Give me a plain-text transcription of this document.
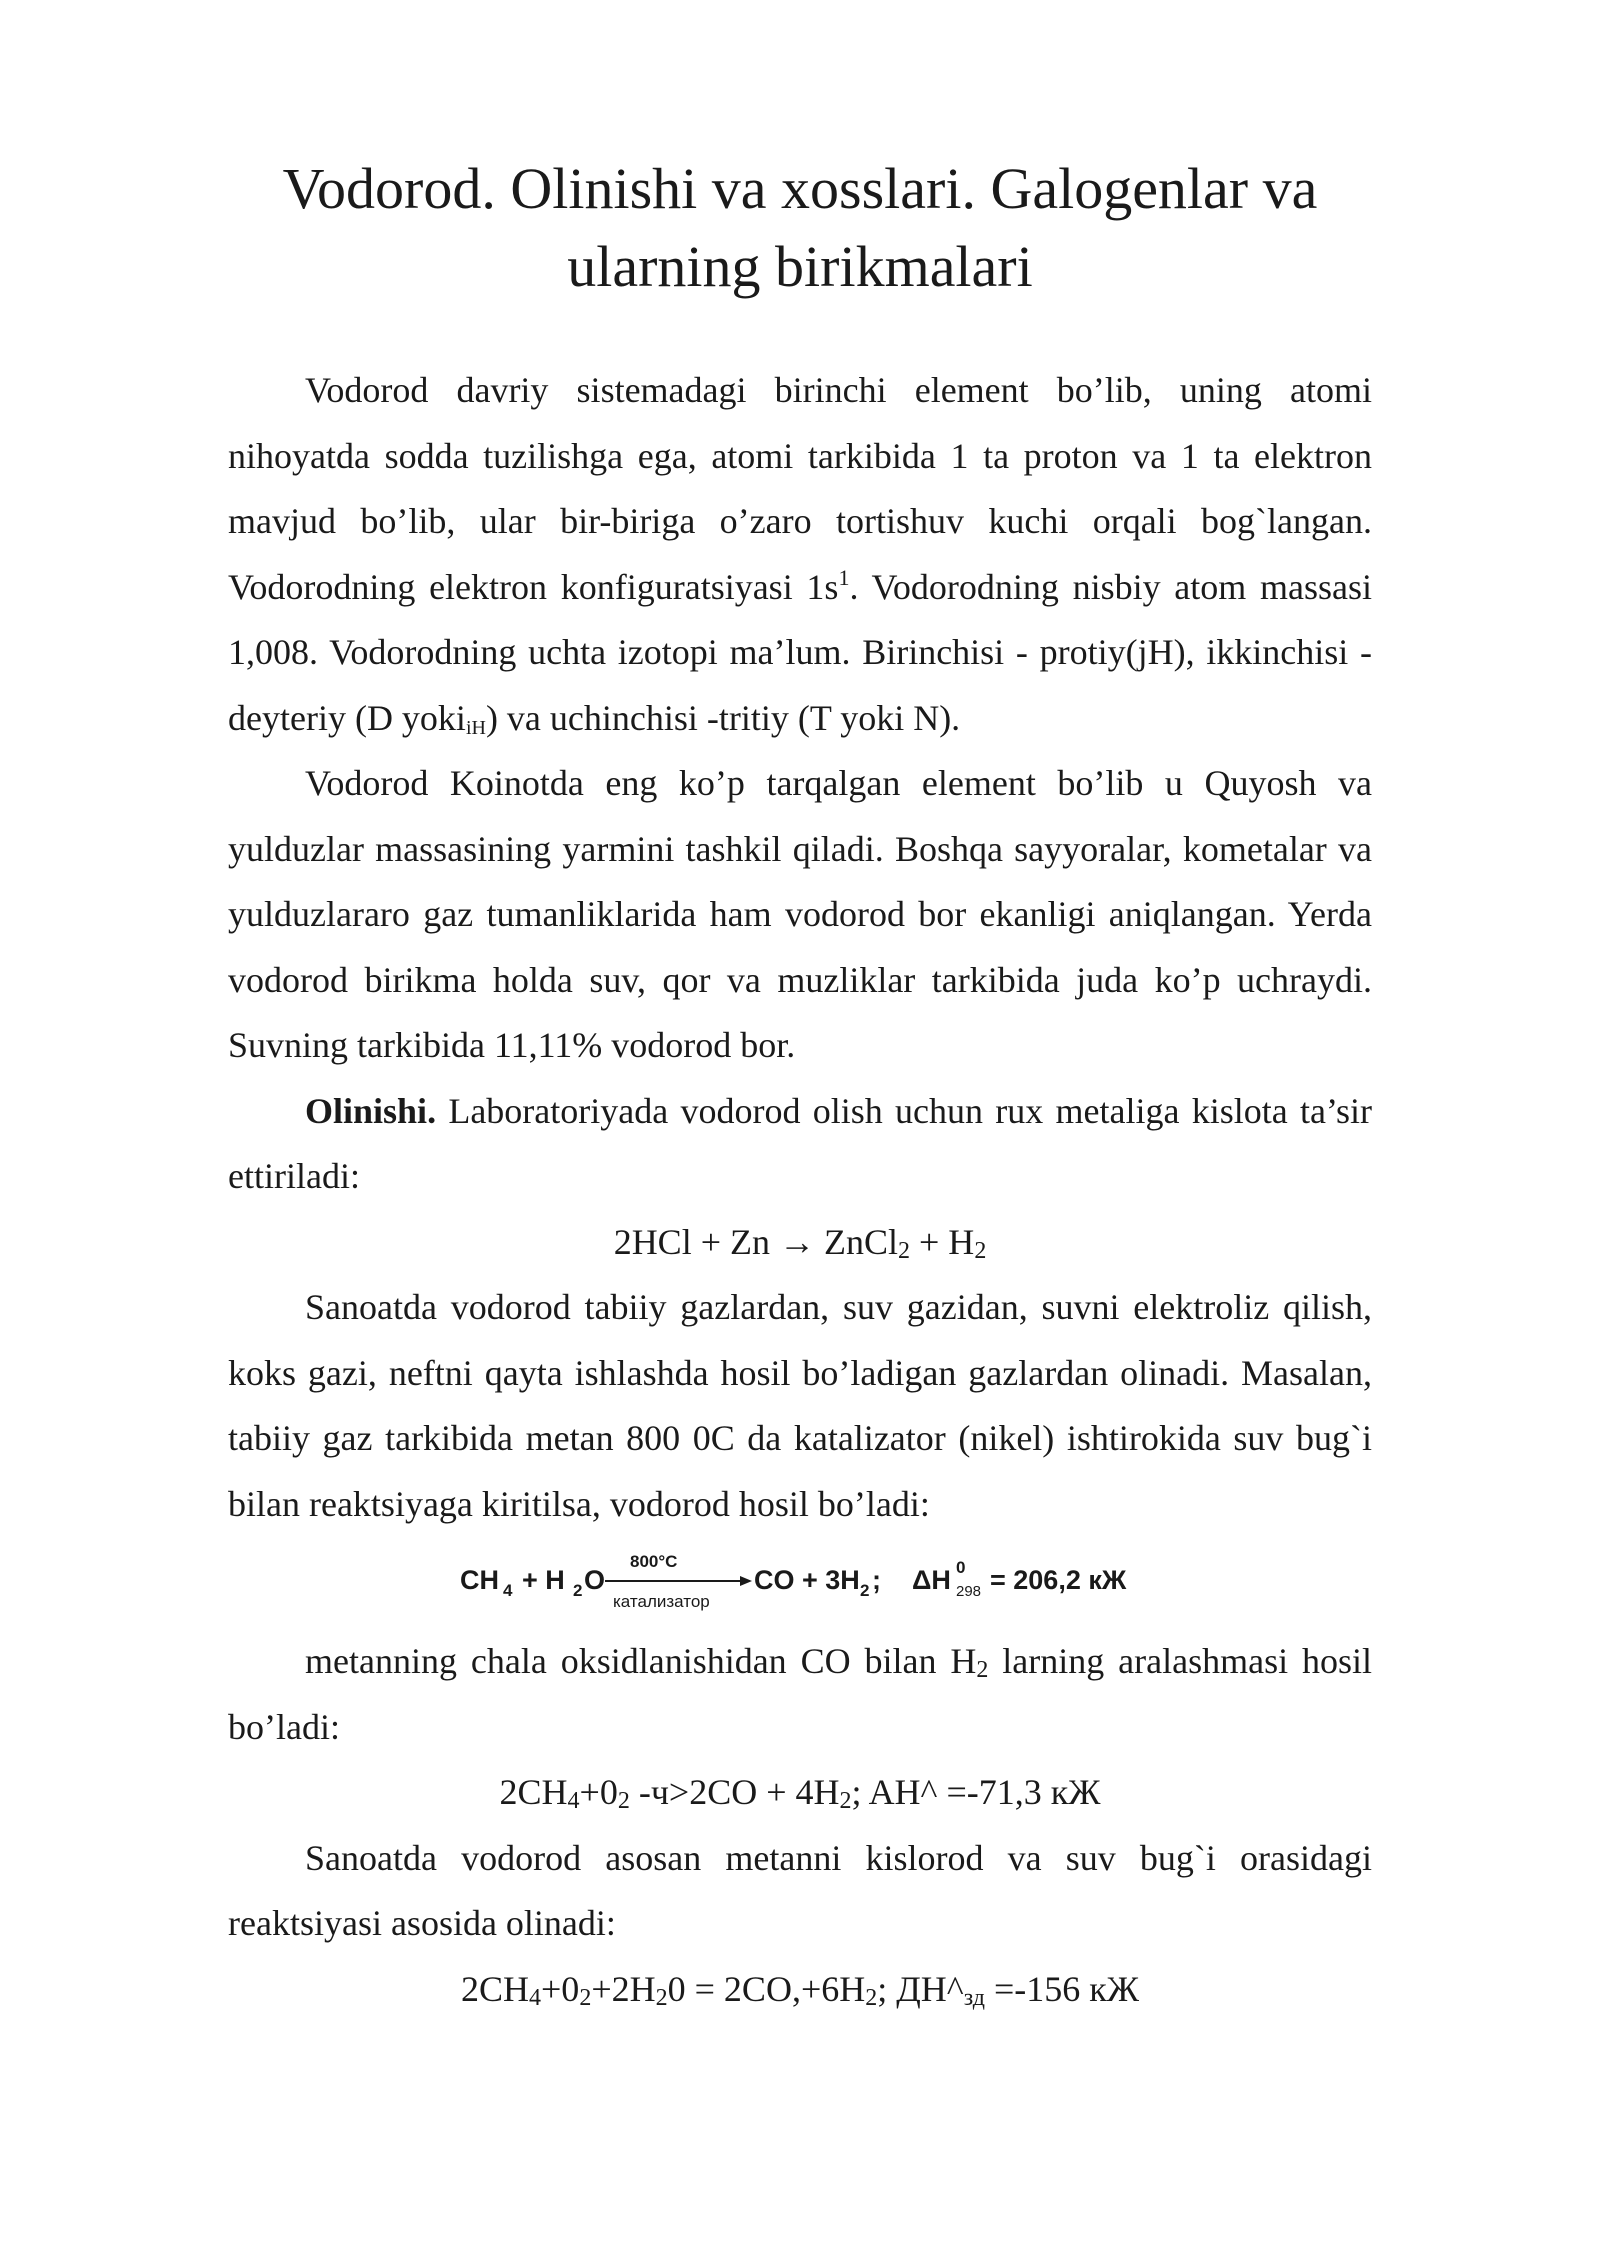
Vodorod. Olinishi va xosslari. Galogenlar va
ularning birikmalari

Vodorod davriy sistemadagi birinchi element bo’lib, uning atomi nihoyatda sodda tuzilishga ega, atomi tarkibida 1 ta proton va 1 ta elektron mavjud bo’lib, ular bir-biriga o’zaro tortishuv kuchi orqali bog`langan. Vodorodning elektron konfiguratsiyasi $1s^1$. Vodorodning nisbiy atom massasi 1,008. Vodorodning uchta izotopi ma’lum. Birinchisi - protiy(jH), ikkinchisi - deyteriy (D yoki$_{iH}$) va uchinchisi -tritiy (T yoki N).

Vodorod Koinotda eng ko’p tarqalgan element bo’lib u Quyosh va yulduzlar massasining yarmini tashkil qiladi. Boshqa sayyoralar, kometalar va yulduzlararo gaz tumanliklarida ham vodorod bor ekanligi aniqlangan. Yerda vodorod birikma holda suv, qor va muzliklar tarkibida juda ko’p uchraydi. Suvning tarkibida 11,11% vodorod bor.

Olinishi. Laboratoriyada vodorod olish uchun rux metaliga kislota ta’sir ettiriladi:

2HCl + Zn → ZnCl$_2$ + $H_2$

Sanoatda vodorod tabiiy gazlardan, suv gazidan, suvni elektroliz qilish, koks gazi, neftni qayta ishlashda hosil bo’ladigan gazlardan olinadi. Masalan, tabiiy gaz tarkibida metan 800 0C da katalizator (nikel) ishtirokida suv bug`i bilan reaktsiyaga kiritilsa, vodorod hosil bo’ladi:

CH 4 + H 2 O
800°C
катализатор
CO + 3H 2 ; ΔH 0
298 = 206,2 кЖ

metanning chala oksidlanishidan CO bilan $H_2$ larning aralashmasi hosil bo’ladi:

$2CH_4+0_2$ $-ч>2CO + 4H_2$; AH^ =-71,3 кЖ

Sanoatda vodorod asosan metanni kislorod va suv bug`i orasidagi reaktsiyasi asosida olinadi:

$2CH_4+0_2+2H_20 = 2CO,+6H_2$; $ДН\^{}_{зд} =-156$ кЖ
